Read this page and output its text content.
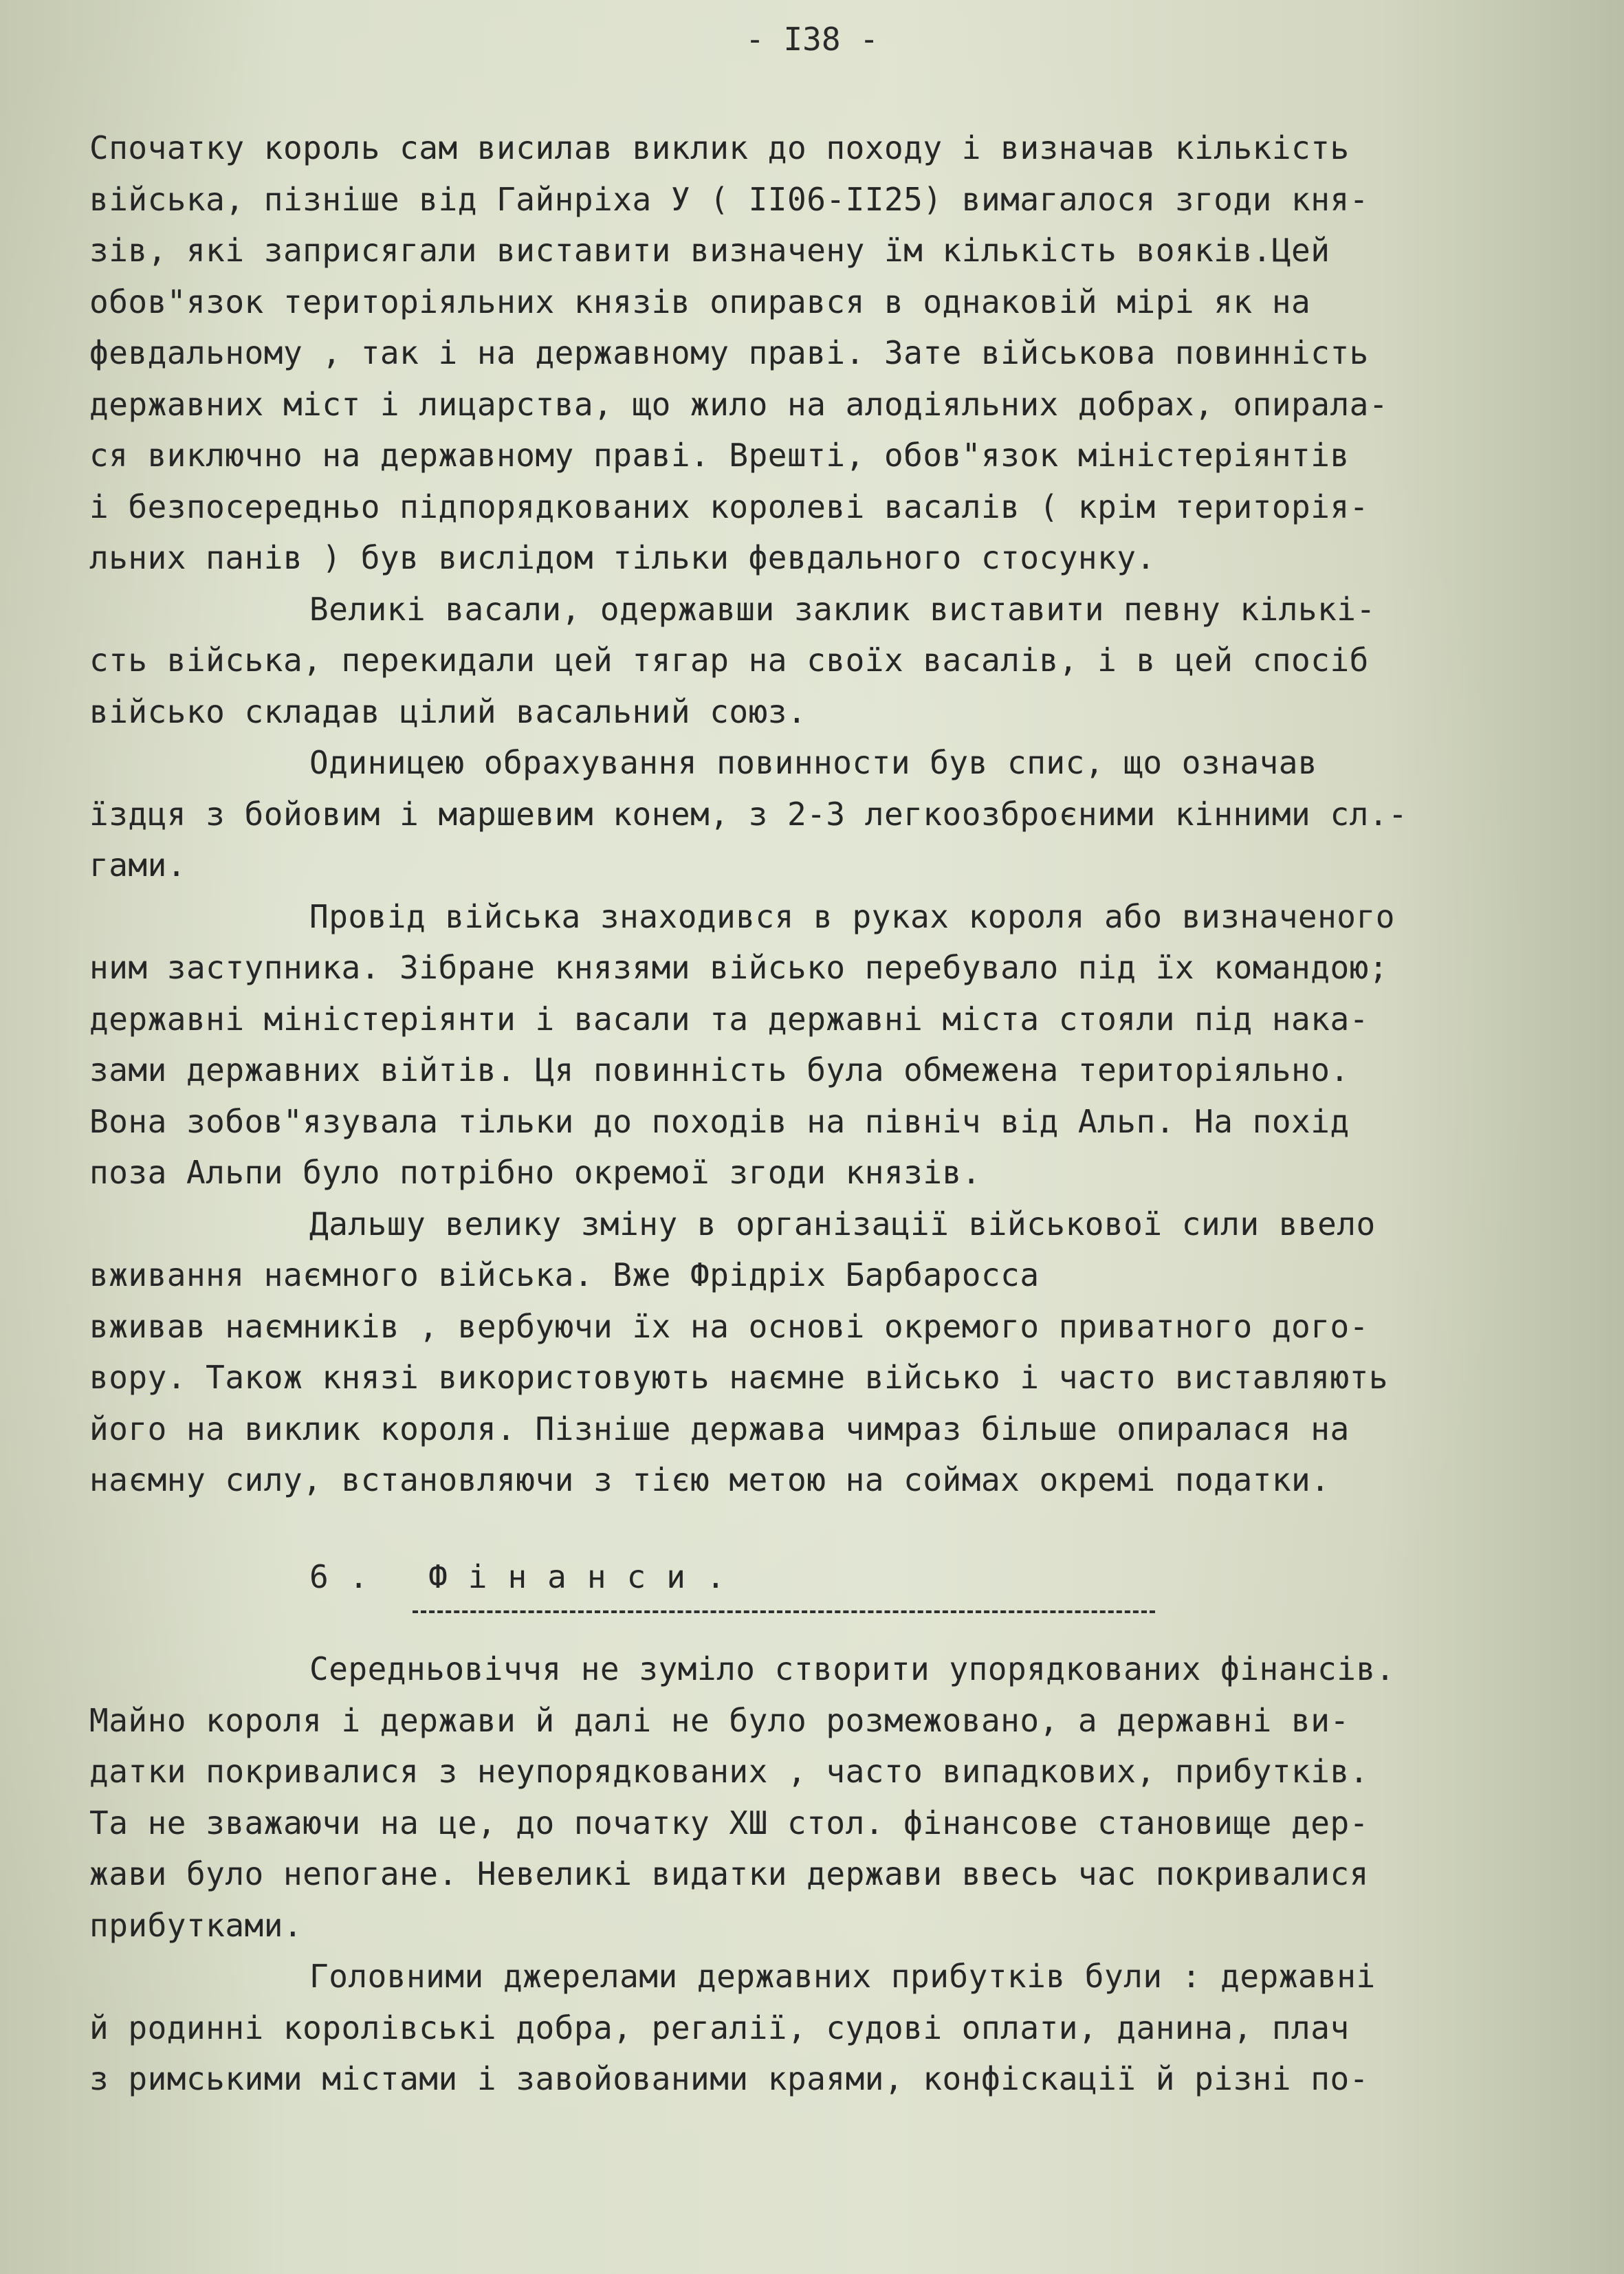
- I38 -
Спочатку король сам висилав виклик до походу і визначав кількість
війська, пізніше від Гайнріха У ( II06-II25) вимагалося згоди кня-
зів, які заприсягали виставити визначену їм кількість вояків.Цей
обов"язок територіяльних князів опирався в однаковій мірі як на
февдальному , так і на державному праві. Зате військова повинність
державних міст і лицарства, що жило на алодіяльних добрах, опирала-
ся виключно на державному праві. Врешті, обов"язок міністеріянтів
і безпосередньо підпорядкованих королеві васалів ( крім територія-
льних панів ) був вислідом тільки февдального стосунку.
Великі васали, одержавши заклик виставити певну кількі-
сть війська, перекидали цей тягар на своїх васалів, і в цей спосіб
військо складав цілий васальний союз.
Одиницею обрахування повинности був спис, що означав
їздця з бойовим і маршевим конем, з 2-3 легкоозброєними кінними сл.-
гами.
Провід війська знаходився в руках короля або визначеного
ним заступника. Зібране князями військо перебувало під їх командою;
державні міністеріянти і васали та державні міста стояли під нака-
зами державних війтів. Ця повинність була обмежена територіяльно.
Вона зобов"язувала тільки до походів на північ від Альп. На похід
поза Альпи було потрібно окремої згоди князів.
Дальшу велику зміну в організації військової сили ввело
вживання наємного війська. Вже Фрідріх Барбаросса
вживав наємників , вербуючи їх на основі окремого приватного дого-
вору. Також князі використовують наємне військо і часто виставляють
його на виклик короля. Пізніше держава чимраз більше опиралася на
наємну силу, встановляючи з тією метою на соймах окремі податки.
6. Фінанси.
Середньовіччя не зуміло створити упорядкованих фінансів.
Майно короля і держави й далі не було розмежовано, а державні ви-
датки покривалися з неупорядкованих , часто випадкових, прибутків.
Та не зважаючи на це, до початку ХШ стол. фінансове становище дер-
жави було непогане. Невеликі видатки держави ввесь час покривалися
прибутками.
Головними джерелами державних прибутків були : державні
й родинні королівські добра, регалії, судові оплати, данина, плач
з римськими містами і завойованими краями, конфіскації й різні по-
